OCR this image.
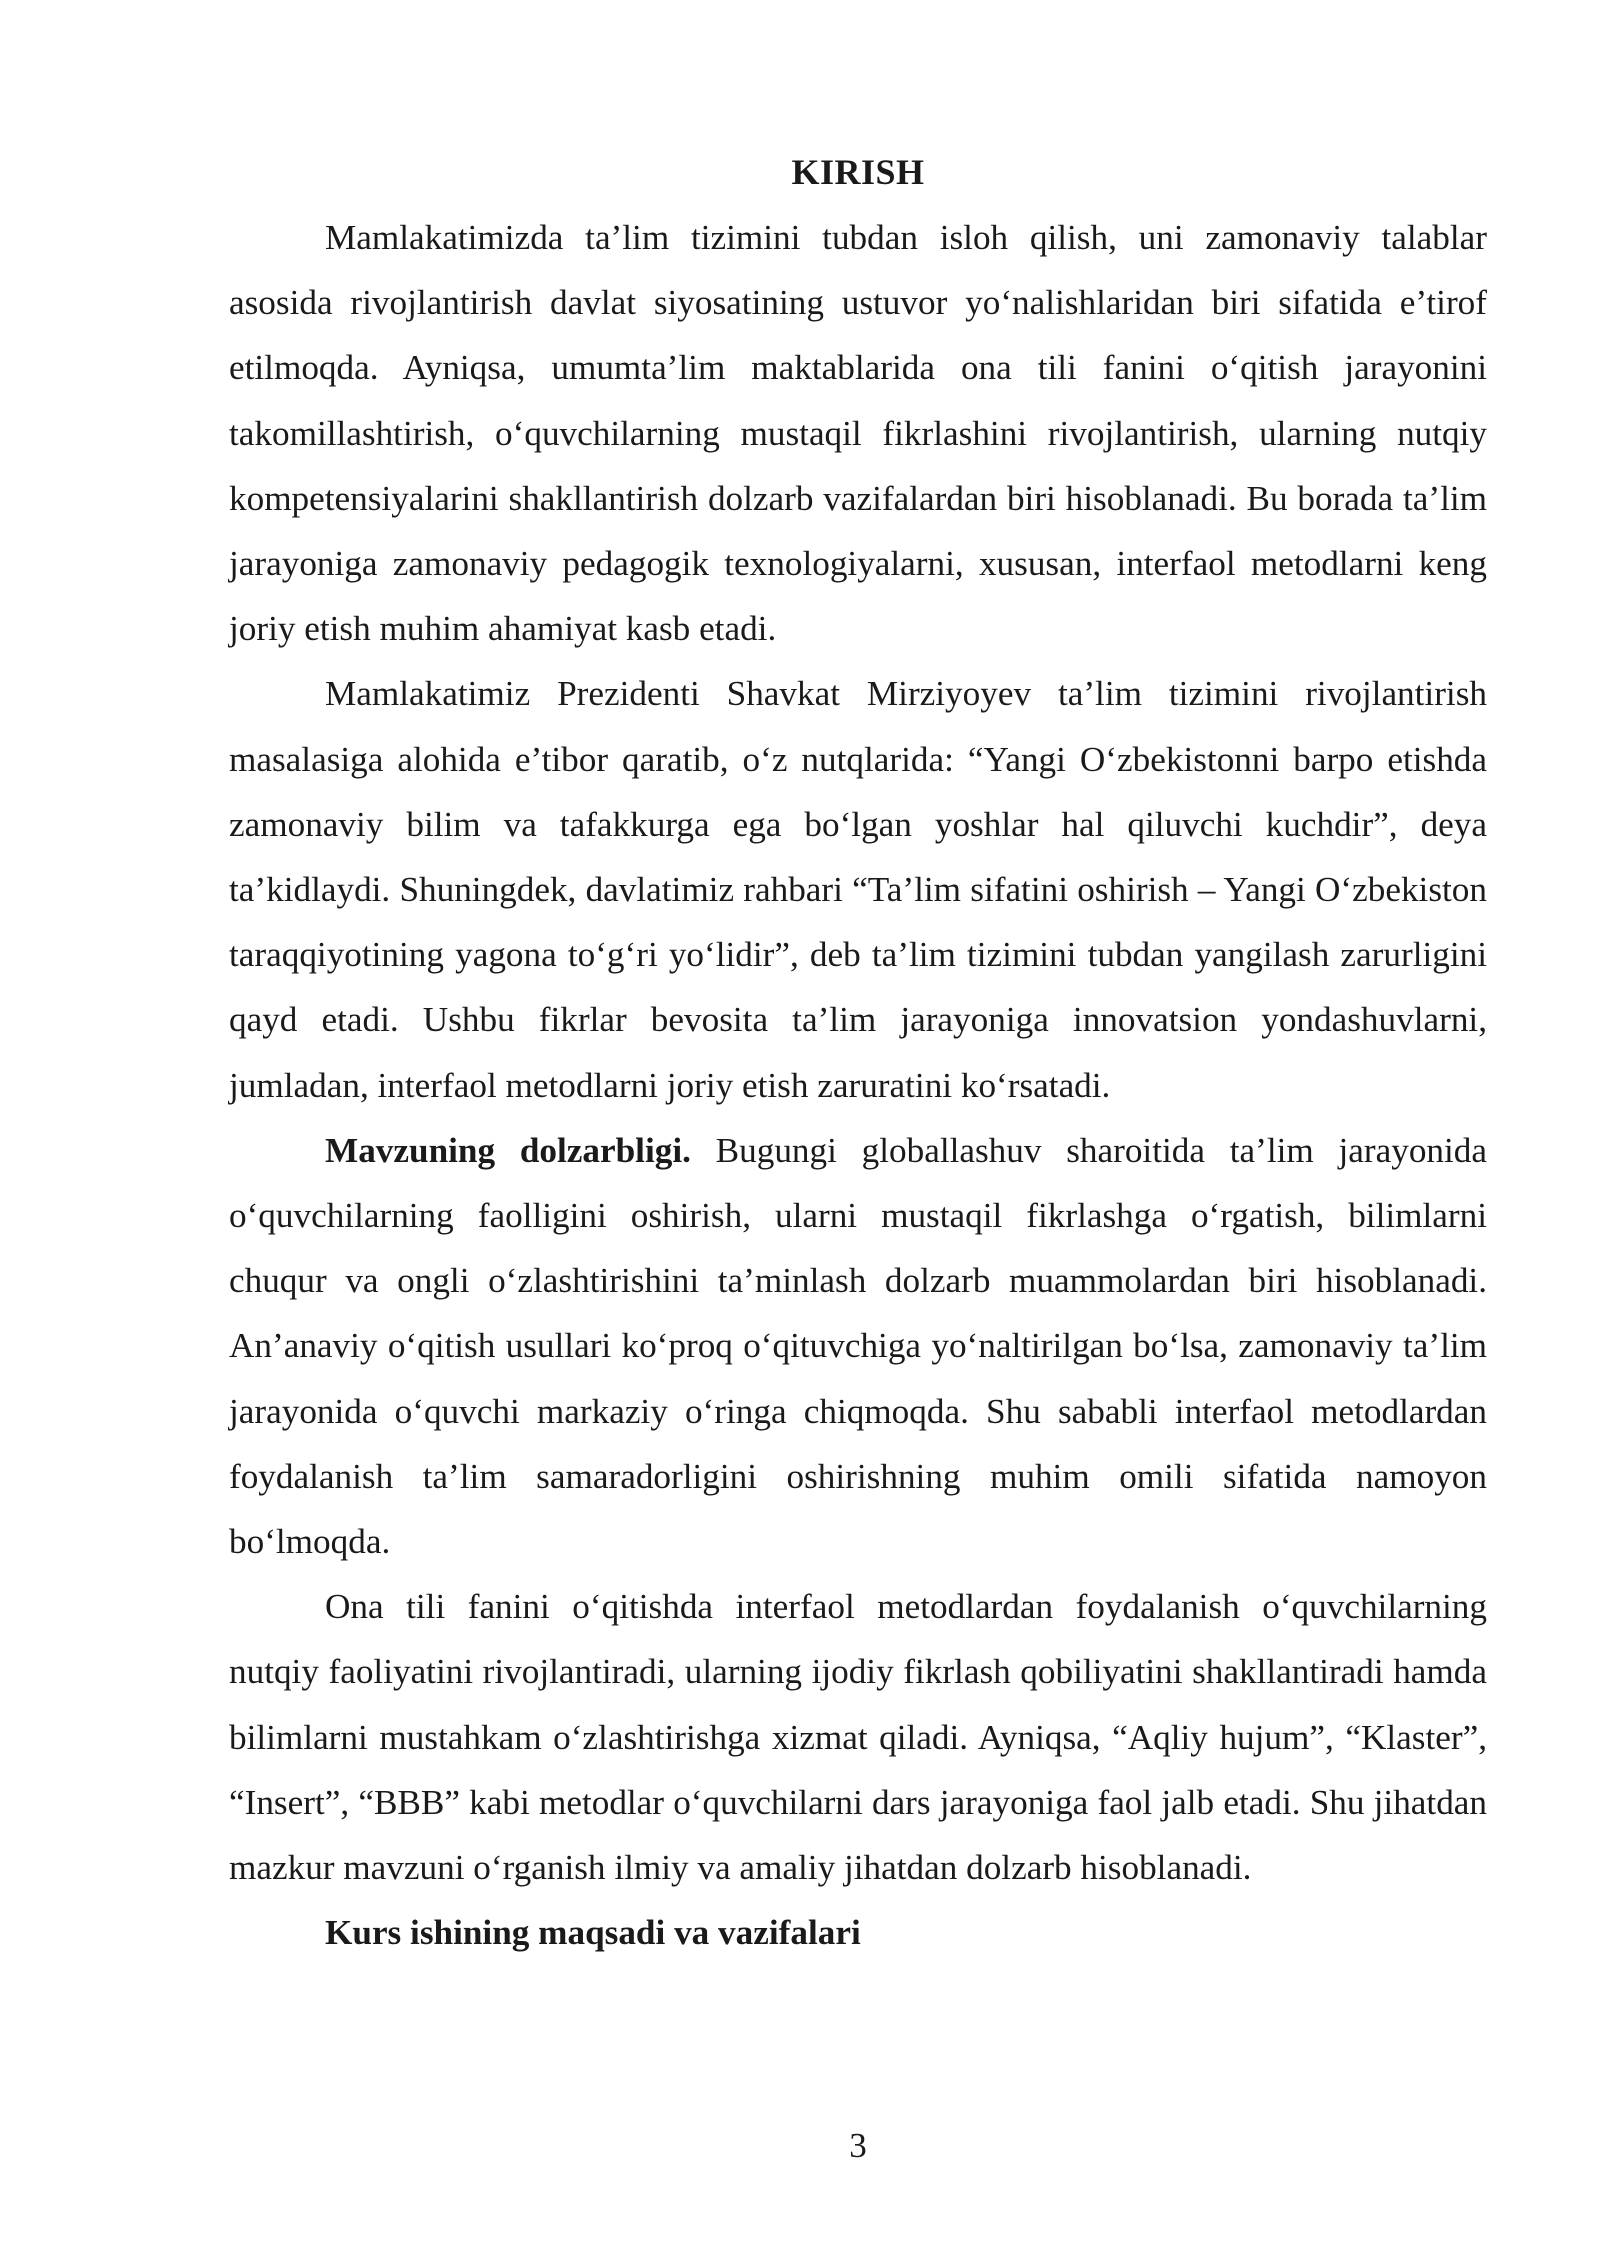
KIRISH

Mamlakatimizda ta’lim tizimini tubdan isloh qilish, uni zamonaviy talablar asosida rivojlantirish davlat siyosatining ustuvor yo‘nalishlaridan biri sifatida e’tirof etilmoqda. Ayniqsa, umumta’lim maktablarida ona tili fanini o‘qitish jarayonini takomillashtirish, o‘quvchilarning mustaqil fikrlashini rivojlantirish, ularning nutqiy kompetensiyalarini shakllantirish dolzarb vazifalardan biri hisoblanadi. Bu borada ta’lim jarayoniga zamonaviy pedagogik texnologiyalarni, xususan, interfaol metodlarni keng joriy etish muhim ahamiyat kasb etadi.

Mamlakatimiz Prezidenti Shavkat Mirziyoyev ta’lim tizimini rivojlantirish masalasiga alohida e’tibor qaratib, o‘z nutqlarida: “Yangi O‘zbekistonni barpo etishda zamonaviy bilim va tafakkurga ega bo‘lgan yoshlar hal qiluvchi kuchdir”, deya ta’kidlaydi. Shuningdek, davlatimiz rahbari “Ta’lim sifatini oshirish – Yangi O‘zbekiston taraqqiyotining yagona to‘g‘ri yo‘lidir”, deb ta’lim tizimini tubdan yangilash zarurligini qayd etadi. Ushbu fikrlar bevosita ta’lim jarayoniga innovatsion yondashuvlarni, jumladan, interfaol metodlarni joriy etish zaruratini ko‘rsatadi.

Mavzuning dolzarbligi. Bugungi globallashuv sharoitida ta’lim jarayonida o‘quvchilarning faolligini oshirish, ularni mustaqil fikrlashga o‘rgatish, bilimlarni chuqur va ongli o‘zlashtirishini ta’minlash dolzarb muammolardan biri hisoblanadi. An’anaviy o‘qitish usullari ko‘proq o‘qituvchiga yo‘naltirilgan bo‘lsa, zamonaviy ta’lim jarayonida o‘quvchi markaziy o‘ringa chiqmoqda. Shu sababli interfaol metodlardan foydalanish ta’lim samaradorligini oshirishning muhim omili sifatida namoyon bo‘lmoqda.

Ona tili fanini o‘qitishda interfaol metodlardan foydalanish o‘quvchilarning nutqiy faoliyatini rivojlantiradi, ularning ijodiy fikrlash qobiliyatini shakllantiradi hamda bilimlarni mustahkam o‘zlashtirishga xizmat qiladi. Ayniqsa, “Aqliy hujum”, “Klaster”, “Insert”, “BBB” kabi metodlar o‘quvchilarni dars jarayoniga faol jalb etadi. Shu jihatdan mazkur mavzuni o‘rganish ilmiy va amaliy jihatdan dolzarb hisoblanadi.

Kurs ishining maqsadi va vazifalari

3
